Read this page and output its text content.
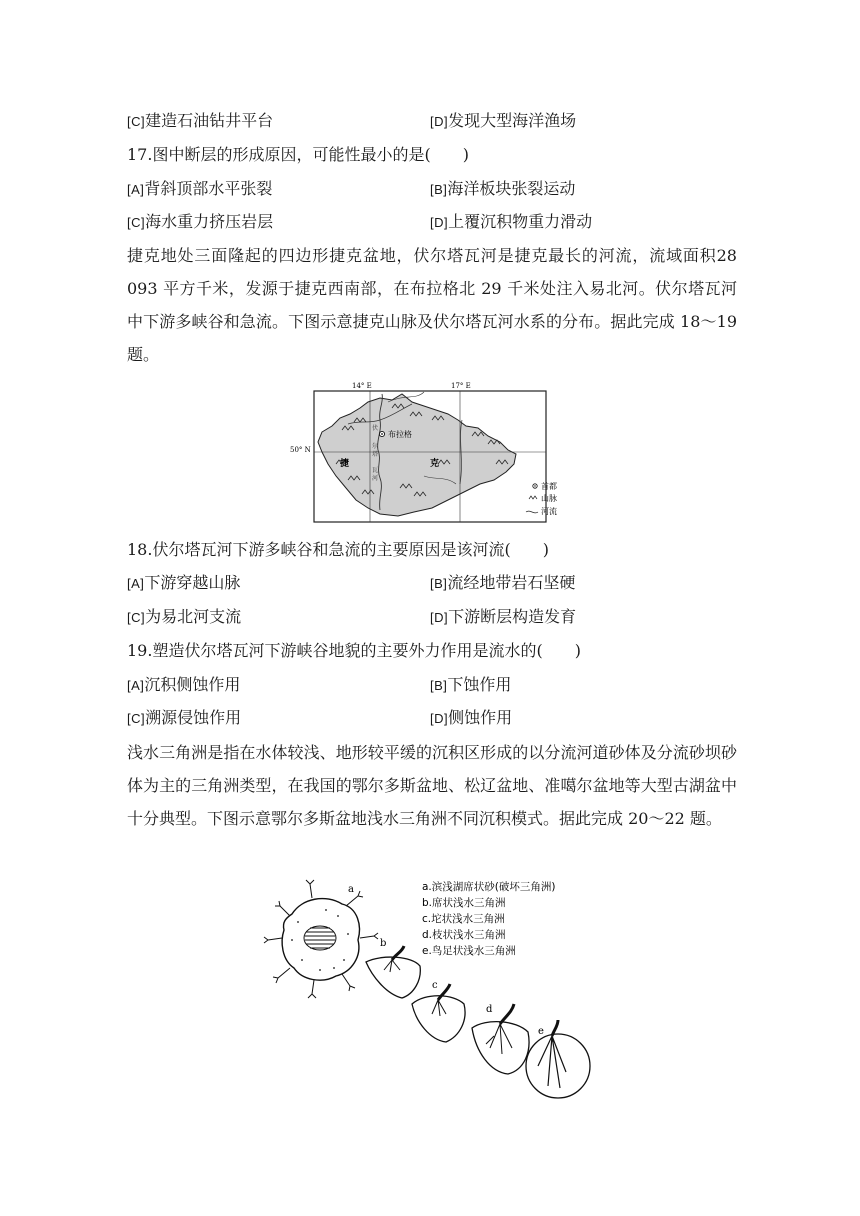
[C]建造石油钻井平台	[D]发现大型海洋渔场
17.图中断层的形成原因，可能性最小的是(　　)
[A]背斜顶部水平张裂	[B]海洋板块张裂运动
[C]海水重力挤压岩层	[D]上覆沉积物重力滑动
捷克地处三面隆起的四边形捷克盆地，伏尔塔瓦河是捷克最长的河流，流域面积28 093 平方千米，发源于捷克西南部，在布拉格北 29 千米处注入易北河。伏尔塔瓦河中下游多峡谷和急流。下图示意捷克山脉及伏尔塔瓦河水系的分布。据此完成 18～19 题。
14° E	17° E
50° N
布拉格
捷	克
伏
尔
塔
瓦
河
首都
山脉
河流
18.伏尔塔瓦河下游多峡谷和急流的主要原因是该河流(　　)
[A]下游穿越山脉	[B]流经地带岩石坚硬
[C]为易北河支流	[D]下游断层构造发育
19.塑造伏尔塔瓦河下游峡谷地貌的主要外力作用是流水的(　　)
[A]沉积侧蚀作用	[B]下蚀作用
[C]溯源侵蚀作用	[D]侧蚀作用
浅水三角洲是指在水体较浅、地形较平缓的沉积区形成的以分流河道砂体及分流砂坝砂体为主的三角洲类型，在我国的鄂尔多斯盆地、松辽盆地、准噶尔盆地等大型古湖盆中十分典型。下图示意鄂尔多斯盆地浅水三角洲不同沉积模式。据此完成 20～22 题。
a
b
c
d
e
a.滨浅湖席状砂(破坏三角洲)
b.席状浅水三角洲
c.坨状浅水三角洲
d.枝状浅水三角洲
e.鸟足状浅水三角洲
